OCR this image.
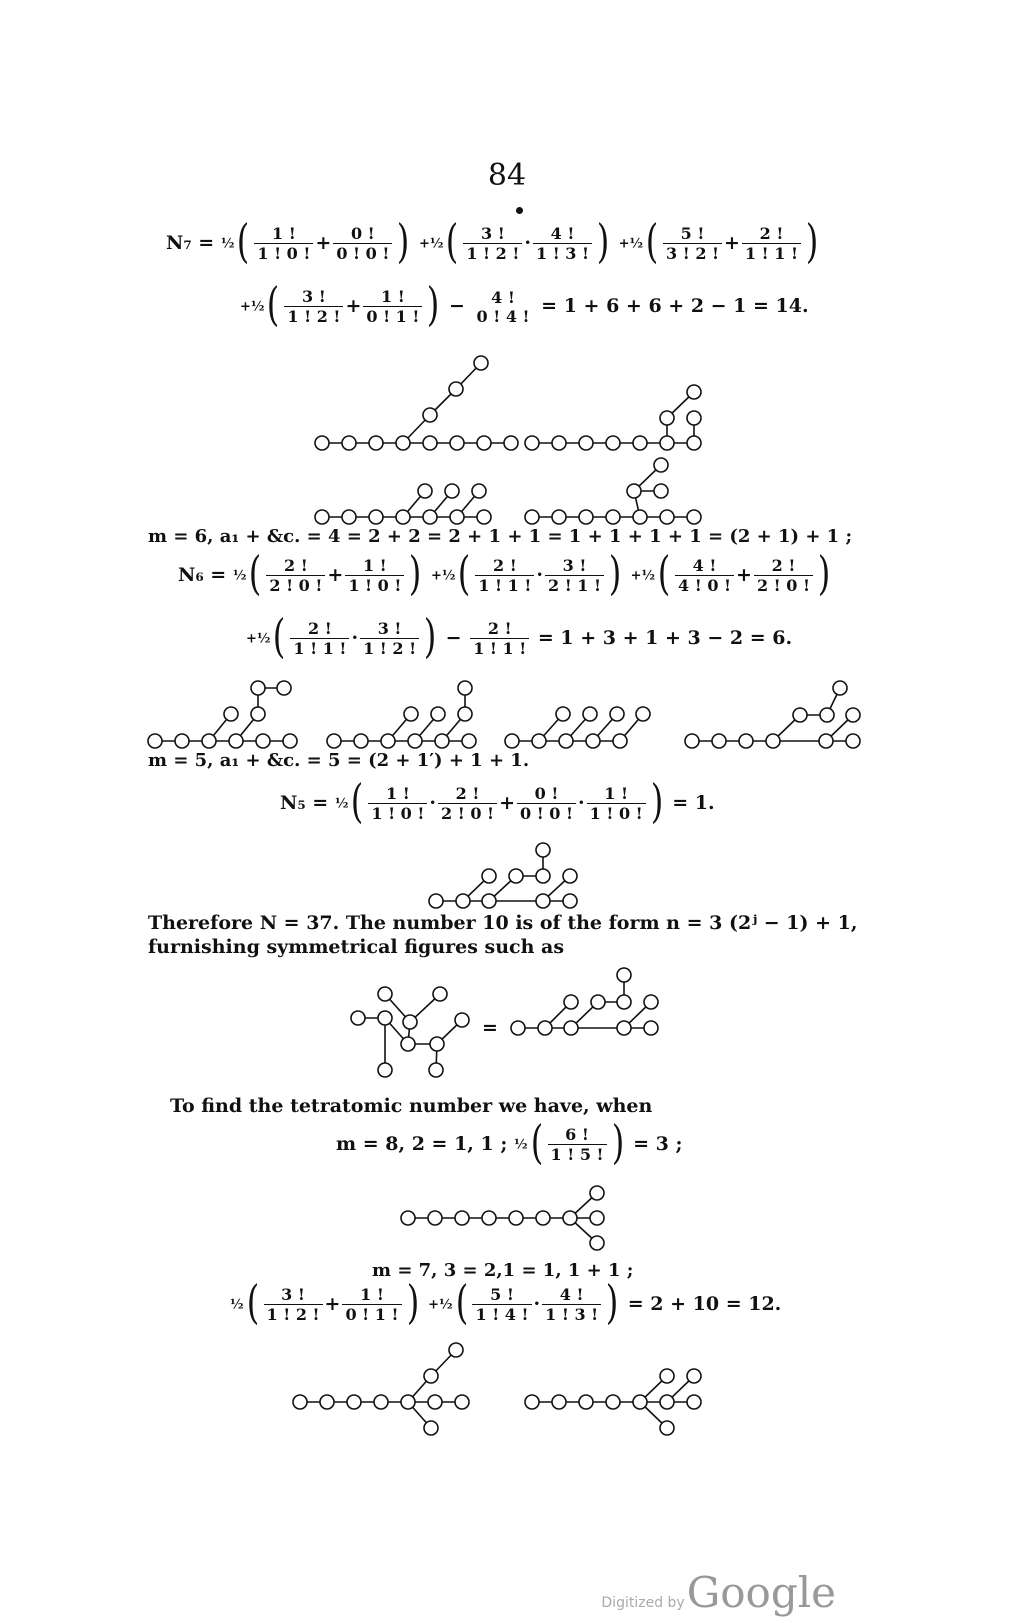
84
N₇ = ½( $\frac{1 !}{1 ! 0 !} + \frac{0 !}{0 ! 0 !}$ ) +½( $\frac{3 !}{1 ! 2 !} \cdot \frac{4 !}{1 ! 3 !}$ ) +½( $\frac{5 !}{3 ! 2 !} + \frac{2 !}{1 ! 1 !}$ )
+½( $\frac{3 !}{1 ! 2 !} + \frac{1 !}{0 ! 1 !}$ ) −	4 !
0 ! 4 ! = 1 + 6 + 6 + 2 − 1 = 14.
m = 6, a₁ + &c. = 4 = 2 + 2 = 2 + 1 + 1 = 1 + 1 + 1 + 1 = (2 + 1) + 1 ;
N₆ = ½( $\frac{2 !}{2 ! 0 !} + \frac{1 !}{1 ! 0 !}$ ) +½( $\frac{2 !}{1 ! 1 !} \cdot \frac{3 !}{2 ! 1 !}$ ) +½( $\frac{4 !}{4 ! 0 !} + \frac{2 !}{2 ! 0 !}$ )
+½( $\frac{2 !}{1 ! 1 !} \cdot \frac{3 !}{1 ! 2 !}$ ) − $\frac{2 !}{1 ! 1 !} = 1 + 3 + 1 + 3 - 2 = 6$.
m = 5, a₁ + &c. = 5 = (2 + 1′) + 1 + 1.
N₅ = ½( $\frac{1 !}{1 ! 0 !} \cdot \frac{2 !}{2 ! 0 !} + \frac{0 !}{0 ! 0 !} \cdot \frac{1 !}{1 ! 0 !}$ ) = 1.
Therefore N = 37. The number 10 is of the form n = 3 (2ʲ − 1) + 1,
furnishing symmetrical figures such as
=
To find the tetratomic number we have, when
m = 8, 2 = 1, 1 ; ½( $\frac{6 !}{1 ! 5 !}$ ) = 3 ;
m = 7, 3 = 2,1 = 1, 1 + 1 ;
½( $\frac{3 !}{1 ! 2 !} + \frac{1 !}{0 ! 1 !}$ ) +½( $\frac{5 !}{1 ! 4 !} \cdot \frac{4 !}{1 ! 3 !}$ ) = 2 + 10 = 12.
Digitized byGoogle
